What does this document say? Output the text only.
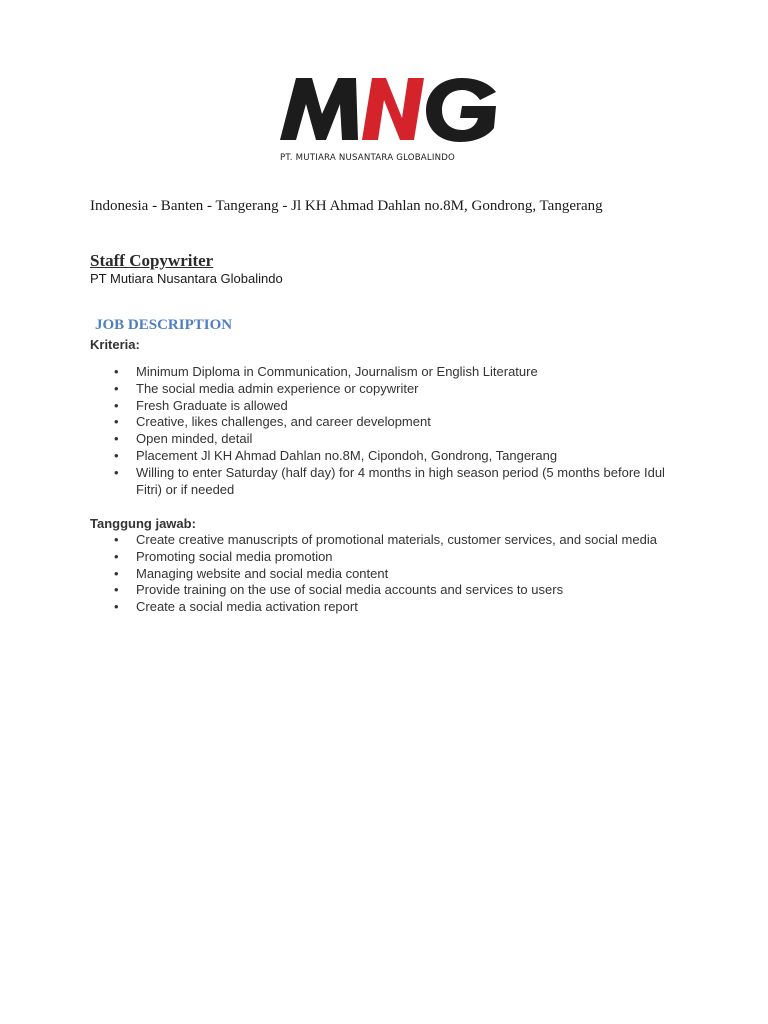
PT. MUTIARA NUSANTARA GLOBALINDO
Indonesia - Banten - Tangerang - Jl KH Ahmad Dahlan no.8M, Gondrong, Tangerang
Staff Copywriter
PT Mutiara Nusantara Globalindo
JOB DESCRIPTION
Kriteria:
• Minimum Diploma in Communication, Journalism or English Literature
• The social media admin experience or copywriter
• Fresh Graduate is allowed
• Creative, likes challenges, and career development
• Open minded, detail
• Placement Jl KH Ahmad Dahlan no.8M, Cipondoh, Gondrong, Tangerang
• Willing to enter Saturday (half day) for 4 months in high season period (5 months before Idul Fitri) or if needed
Tanggung jawab:
• Create creative manuscripts of promotional materials, customer services, and social media
• Promoting social media promotion
• Managing website and social media content
• Provide training on the use of social media accounts and services to users
• Create a social media activation report
